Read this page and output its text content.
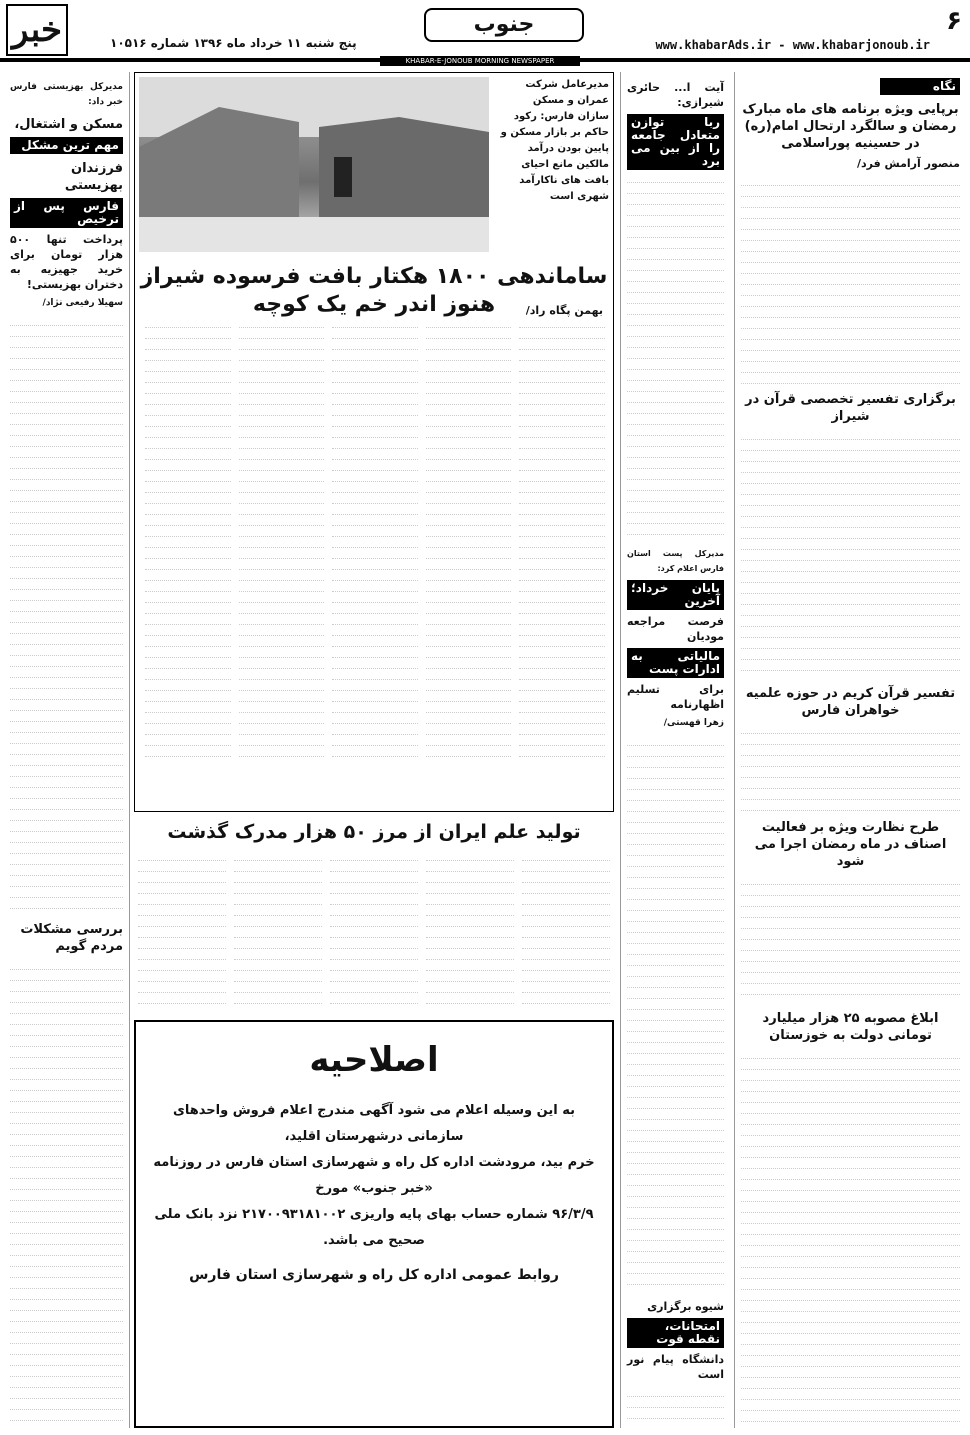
خبر	جنوب	۶
پنج شنبه ۱۱ خرداد ماه ۱۳۹۶ شماره ۱۰۵۱۶	www.khabarAds.ir - www.khabarjonoub.ir
KHABAR-E-JONOUB MORNING NEWSPAPER
نگاه
برپایی ویژه برنامه های ماه مبارک رمضان و سالگرد ارتحال امام(ره) در حسینیه پوراسلامی
منصور آرامش فرد/
برگزاری تفسیر تخصصی قرآن در شیراز
تفسیر قرآن کریم در حوزه علمیه خواهران فارس
طرح نظارت ویژه بر فعالیت اصناف در ماه رمضان اجرا می شود
ابلاغ مصوبه ۲۵ هزار میلیارد تومانی دولت به خوزستان
آیت ا... حائری شیرازی:
ربا توازن متعادل جامعه را از بین می برد
مدیرکل پست استان فارس اعلام کرد:
پایان خرداد؛ آخرین
فرصت مراجعه مودیان
مالیاتی به ادارات پست
برای تسلیم اظهارنامه
زهرا قهستی/
شیوه برگزاری
امتحانات، نقطه قوت
دانشگاه پیام نور است
مدیرعامل شرکت عمران و مسکن سازان فارس: رکود حاکم بر بازار مسکن و پایین بودن درآمد مالکین مانع احیای بافت های ناکارآمد شهری است
ساماندهی ۱۸۰۰ هکتار بافت فرسوده شیراز هنوز اندر خم یک کوچه	بهمن پگاه راد/
تولید علم ایران از مرز ۵۰ هزار مدرک گذشت
اصلاحیه
به این وسیله اعلام می شود آگهی مندرج اعلام فروش واحدهای سازمانی درشهرستان اقلید،
خرم بید، مرودشت اداره کل راه و شهرسازی استان فارس در روزنامه «خبر جنوب» مورخ
۹۶/۳/۹ شماره حساب بهای پایه واریزی ۲۱۷۰۰۹۳۱۸۱۰۰۲ نزد بانک ملی صحیح می باشد.
روابط عمومی اداره کل راه و شهرسازی استان فارس
مدیرکل بهزیستی فارس خبر داد:
مسکن و اشتغال،
مهم ترین مشکل
فرزندان بهزیستی
فارس پس از ترخیص
پرداخت تنها ۵۰۰ هزار تومان برای خرید جهیزیه به دختران بهزیستی!
سهیلا رفیعی نژاد/
بررسی مشکلات مردم گویم
